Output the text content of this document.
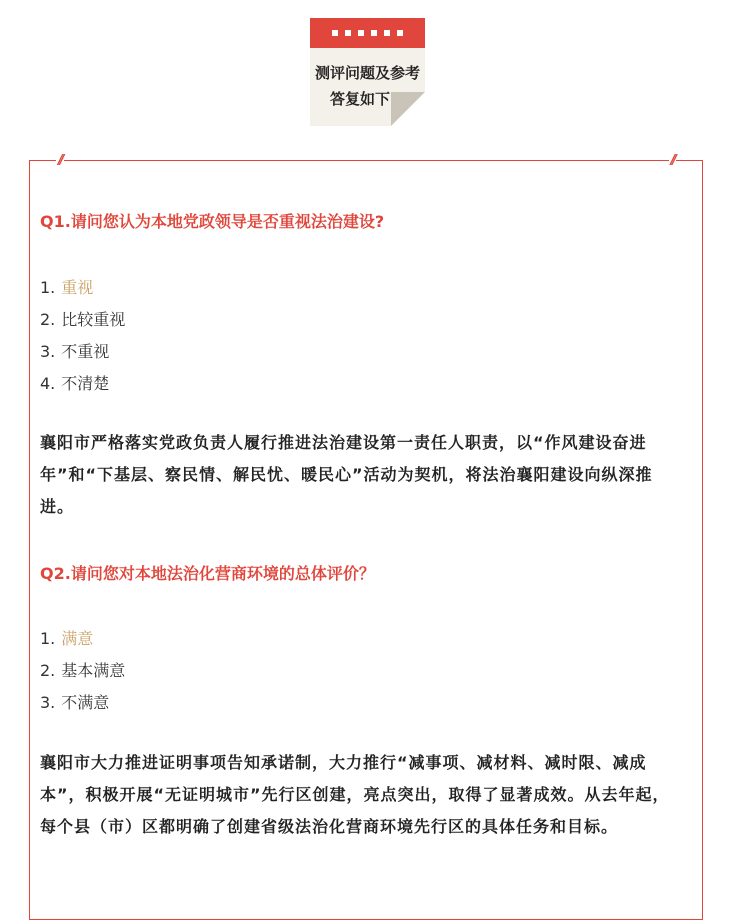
测评问题及参考
答复如下：
//	//
Q1.请问您认为本地党政领导是否重视法治建设?
1. 重视
2. 比较重视
3. 不重视
4. 不清楚
襄阳市严格落实党政负责人履行推进法治建设第一责任人职责，以“作风建设奋进年”和“下基层、察民情、解民忧、暖民心”活动为契机，将法治襄阳建设向纵深推进。
Q2.请问您对本地法治化营商环境的总体评价？
1. 满意
2. 基本满意
3. 不满意
襄阳市大力推进证明事项告知承诺制，大力推行“减事项、减材料、减时限、减成本”，积极开展“无证明城市”先行区创建，亮点突出，取得了显著成效。从去年起，每个县（市）区都明确了创建省级法治化营商环境先行区的具体任务和目标。
